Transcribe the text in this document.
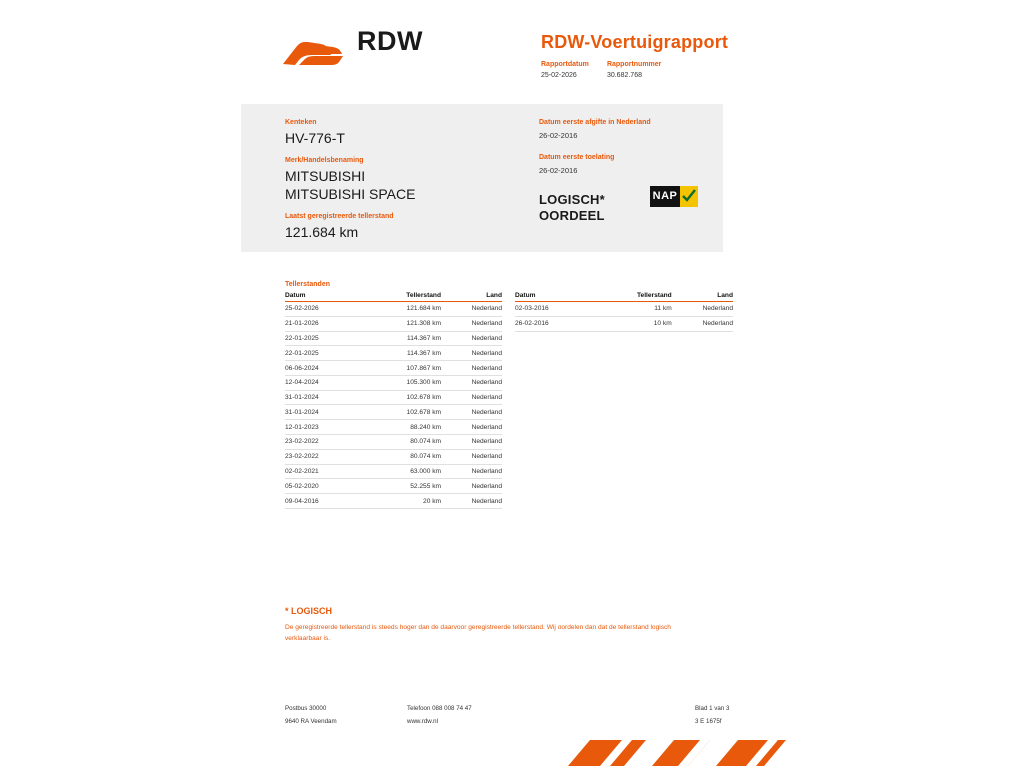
RDW	RDW-Voertuigrapport
Rapportdatum
25-02-2026

Rapportnummer
30.682.768
Kenteken
HV-776-T
Merk/Handelsbenaming
MITSUBISHI
MITSUBISHI SPACE
Laatst geregistreerde tellerstand
121.684 km
Datum eerste afgifte in Nederland
26-02-2016
Datum eerste toelating
26-02-2016
LOGISCH*
OORDEEL
NAP
Tellerstanden
Datum	Tellerstand	Land
25-02-2026	121.684 km	Nederland
21-01-2026	121.308 km	Nederland
22-01-2025	114.367 km	Nederland
22-01-2025	114.367 km	Nederland
06-06-2024	107.867 km	Nederland
12-04-2024	105.300 km	Nederland
31-01-2024	102.678 km	Nederland
31-01-2024	102.678 km	Nederland
12-01-2023	88.240 km	Nederland
23-02-2022	80.074 km	Nederland
23-02-2022	80.074 km	Nederland
02-02-2021	63.000 km	Nederland
05-02-2020	52.255 km	Nederland
09-04-2016	20 km	Nederland
Datum	Tellerstand	Land
02-03-2016	11 km	Nederland
26-02-2016	10 km	Nederland
* LOGISCH
De geregistreerde tellerstand is steeds hoger dan de daarvoor geregistreerde tellerstand. Wij oordelen dan dat de tellerstand logisch verklaarbaar is.
Postbus 30000
9640 RA Veendam
Telefoon 088 008 74 47
www.rdw.nl
Blad 1 van 3
3 E 1675f
